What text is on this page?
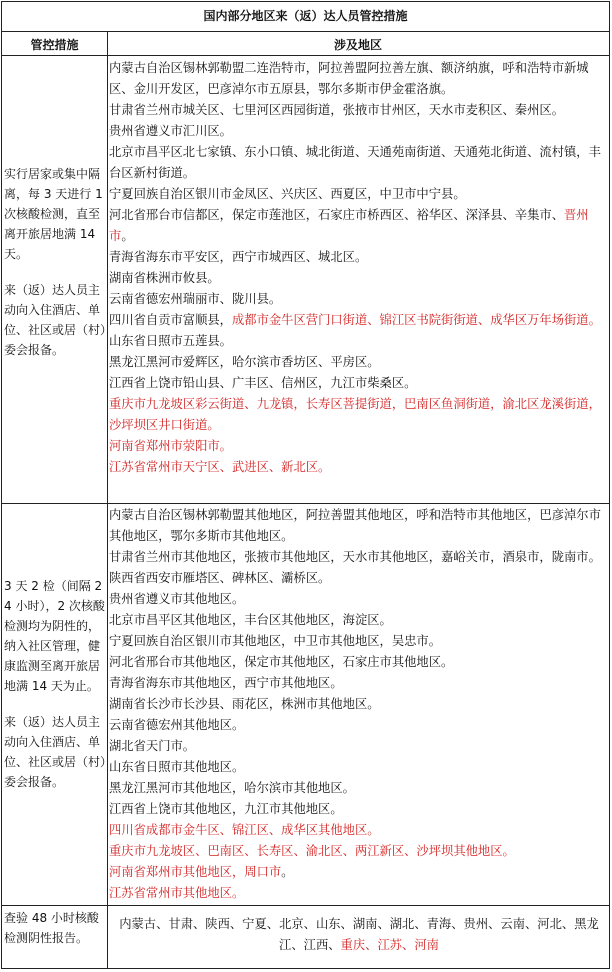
国内部分地区来（返）达人员管控措施
管控措施	涉及地区

实行居家或集中隔离，每 3 天进行 1 次核酸检测，直至离开旅居地满 14 天。

来（返）达人员主动向入住酒店、单位、社区或居（村）委会报备。

内蒙古自治区锡林郭勒盟二连浩特市，阿拉善盟阿拉善左旗、额济纳旗，呼和浩特市新城区、金川开发区，巴彦淖尔市五原县，鄂尔多斯市伊金霍洛旗。
甘肃省兰州市城关区、七里河区西园街道，张掖市甘州区，天水市麦积区、秦州区。
贵州省遵义市汇川区。
北京市昌平区北七家镇、东小口镇、城北街道、天通苑南街道、天通苑北街道、流村镇，丰台区新村街道。
宁夏回族自治区银川市金凤区、兴庆区、西夏区，中卫市中宁县。
河北省邢台市信都区，保定市莲池区，石家庄市桥西区、裕华区、深泽县、辛集市、晋州市。
青海省海东市平安区，西宁市城西区、城北区。
湖南省株洲市攸县。
云南省德宏州瑞丽市、陇川县。
四川省自贡市富顺县，成都市金牛区营门口街道、锦江区书院街街道、成华区万年场街道。
山东省日照市五莲县。
黑龙江黑河市爱辉区，哈尔滨市香坊区、平房区。
江西省上饶市铅山县、广丰区、信州区，九江市柴桑区。
重庆市九龙坡区彩云街道、九龙镇，长寿区菩提街道，巴南区鱼洞街道，渝北区龙溪街道，沙坪坝区井口街道。
河南省郑州市荥阳市。
江苏省常州市天宁区、武进区、新北区。

3 天 2 检（间隔 24 小时），2 次核酸检测均为阴性的，纳入社区管理，健康监测至离开旅居地满 14 天为止。

来（返）达人员主动向入住酒店、单位、社区或居（村）委会报备。

内蒙古自治区锡林郭勒盟其他地区，阿拉善盟其他地区，呼和浩特市其他地区，巴彦淖尔市其他地区，鄂尔多斯市其他地区。
甘肃省兰州市其他地区，张掖市其他地区，天水市其他地区，嘉峪关市，酒泉市，陇南市。
陕西省西安市雁塔区、碑林区、灞桥区。
贵州省遵义市其他地区。
北京市昌平区其他地区，丰台区其他地区，海淀区。
宁夏回族自治区银川市其他地区，中卫市其他地区，吴忠市。
河北省邢台市其他地区，保定市其他地区，石家庄市其他地区。
青海省海东市其他地区，西宁市其他地区。
湖南省长沙市长沙县、雨花区，株洲市其他地区。
云南省德宏州其他地区。
湖北省天门市。
山东省日照市其他地区。
黑龙江黑河市其他地区，哈尔滨市其他地区。
江西省上饶市其他地区，九江市其他地区。
四川省成都市金牛区、锦江区、成华区其他地区。
重庆市九龙坡区、巴南区、长寿区、渝北区、两江新区、沙坪坝其他地区。
河南省郑州市其他地区，周口市。
江苏省常州市其他地区。

查验 48 小时核酸检测阴性报告。

内蒙古、甘肃、陕西、宁夏、北京、山东、湖南、湖北、青海、贵州、云南、河北、黑龙江、江西、重庆、江苏、河南
